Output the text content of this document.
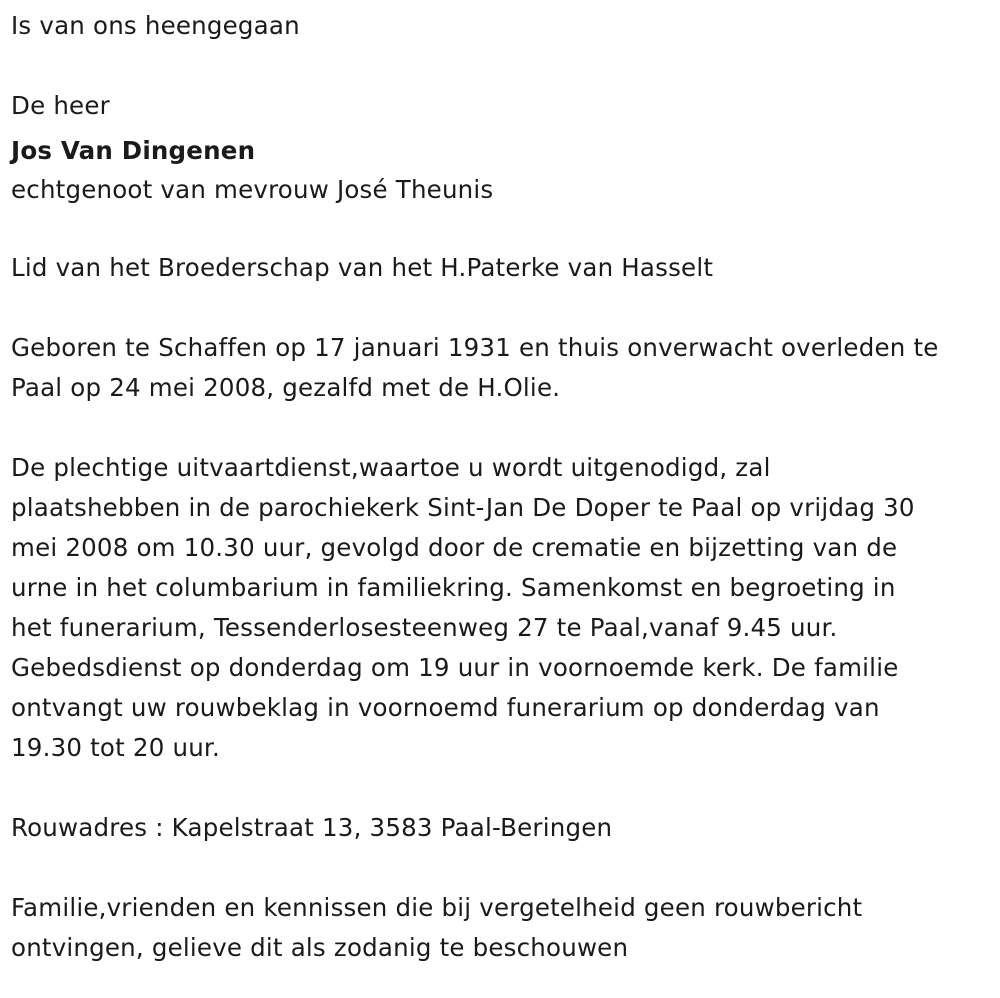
Is van ons heengegaan

De heer

Jos Van Dingenen

echtgenoot van mevrouw José Theunis

Lid van het Broederschap van het H.Paterke van Hasselt

Geboren te Schaffen op 17 januari 1931 en thuis onverwacht overleden te

Paal op 24 mei 2008, gezalfd met de H.Olie.

De plechtige uitvaartdienst,waartoe u wordt uitgenodigd, zal

plaatshebben in de parochiekerk Sint-Jan De Doper te Paal op vrijdag 30

mei 2008 om 10.30 uur, gevolgd door de crematie en bijzetting van de

urne in het columbarium in familiekring. Samenkomst en begroeting in

het funerarium, Tessenderlosesteenweg 27 te Paal,vanaf 9.45 uur.

Gebedsdienst op donderdag om 19 uur in voornoemde kerk. De familie

ontvangt uw rouwbeklag in voornoemd funerarium op donderdag van

19.30 tot 20 uur.

Rouwadres : Kapelstraat 13, 3583 Paal-Beringen

Familie,vrienden en kennissen die bij vergetelheid geen rouwbericht

ontvingen, gelieve dit als zodanig te beschouwen
